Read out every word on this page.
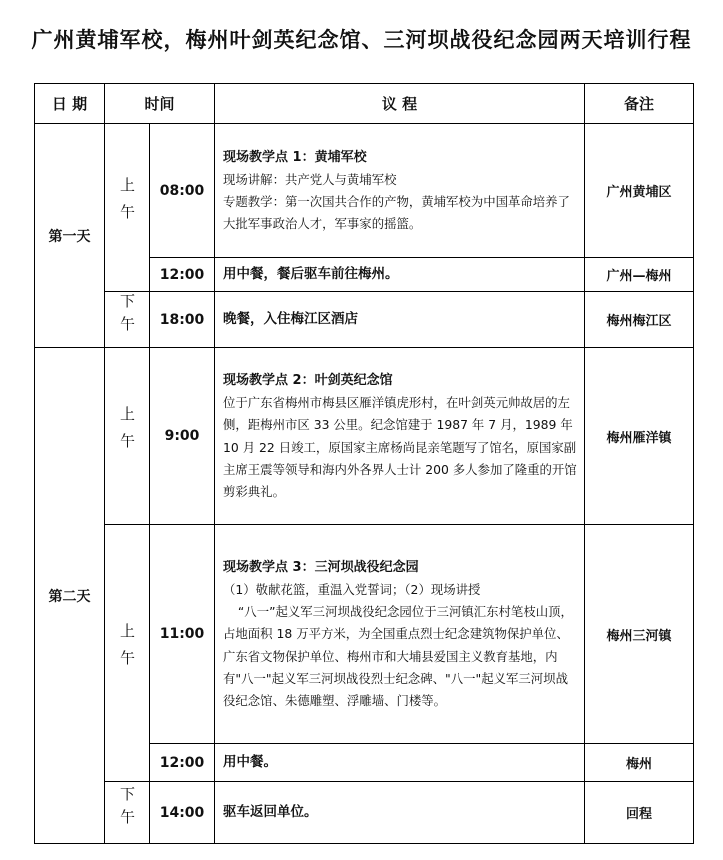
广州黄埔军校，梅州叶剑英纪念馆、三河坝战役纪念园两天培训行程
日 期	时间		议 程	备注
第一天	上午	08:00	现场教学点 1：黄埔军校

现场讲解：共产党人与黄埔军校

专题教学：第一次国共合作的产物，黄埔军校为中国革命培养了大批军事政治人才，军事家的摇篮。	广州黄埔区
		12:00	用中餐，餐后驱车前往梅州。	广州—梅州
	下午	18:00	晚餐，入住梅江区酒店	梅州梅江区
第二天	上午	9:00	现场教学点 2：叶剑英纪念馆

位于广东省梅州市梅县区雁洋镇虎形村，在叶剑英元帅故居的左侧，距梅州市区 33 公里。纪念馆建于 1987 年 7 月，1989 年 10 月 22 日竣工，原国家主席杨尚昆亲笔题写了馆名，原国家副主席王震等领导和海内外各界人士计 200 多人参加了隆重的开馆剪彩典礼。	梅州雁洋镇
	上午	11:00	现场教学点 3：三河坝战役纪念园

（1）敬献花篮，重温入党誓词；（2）现场讲授

“八一”起义军三河坝战役纪念园位于三河镇汇东村笔枝山顶，占地面积 18 万平方米，为全国重点烈士纪念建筑物保护单位、广东省文物保护单位、梅州市和大埔县爱国主义教育基地，内有"八一"起义军三河坝战役烈士纪念碑、"八一"起义军三河坝战役纪念馆、朱德雕塑、浮雕墙、门楼等。	梅州三河镇
		12:00	用中餐。	梅州
	下午	14:00	驱车返回单位。	回程
